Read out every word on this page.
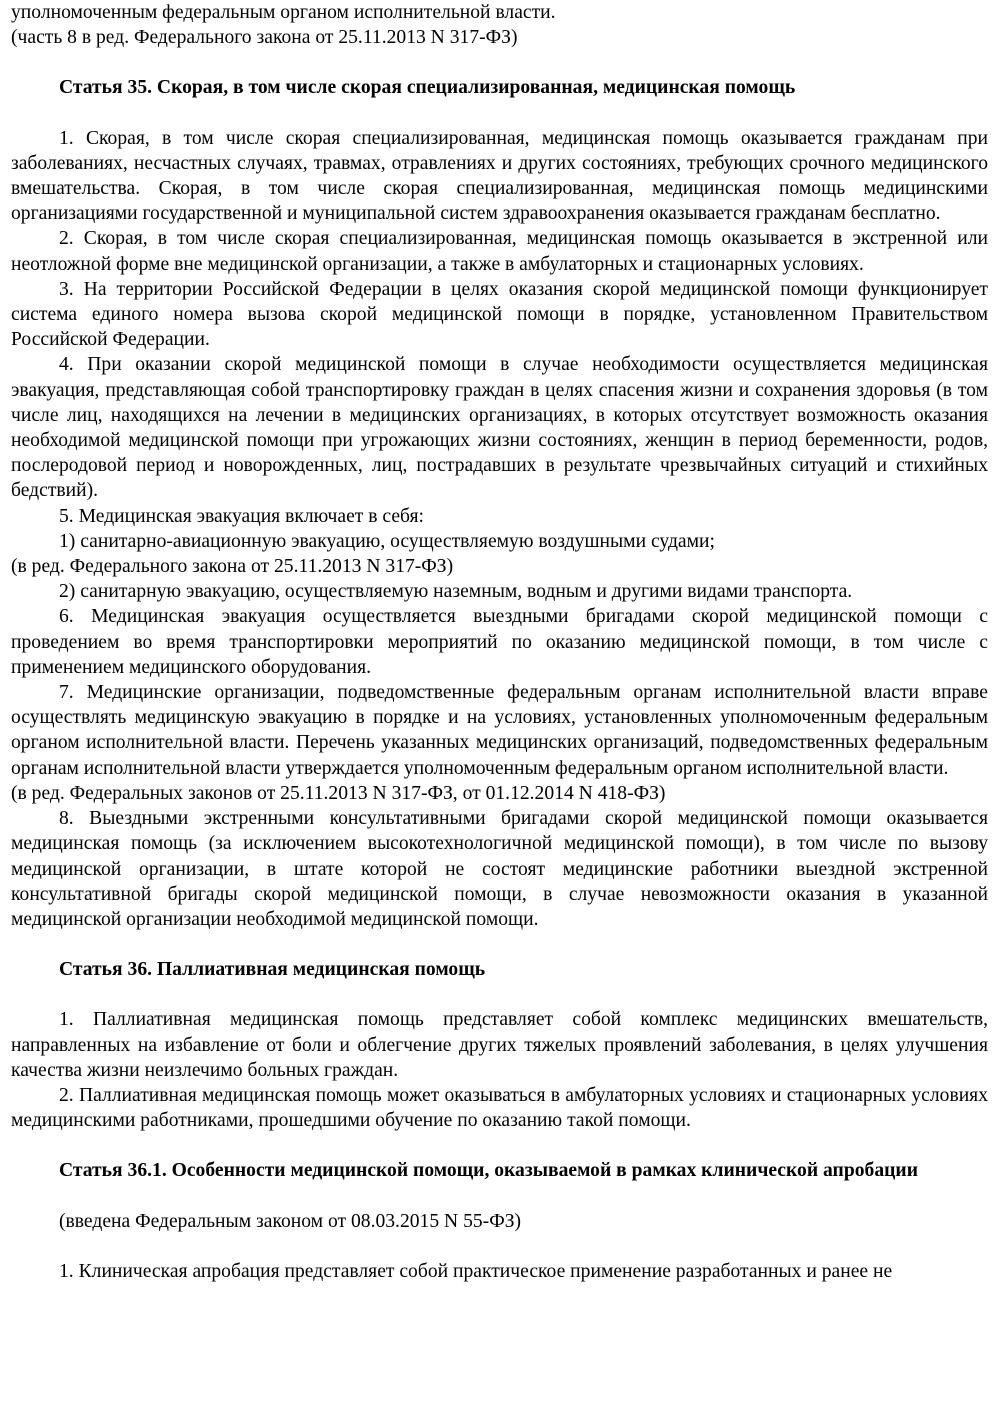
уполномоченным федеральным органом исполнительной власти.

(часть 8 в ред. Федерального закона от 25.11.2013 N 317-ФЗ)

Статья 35. Скорая, в том числе скорая специализированная, медицинская помощь

1. Скорая, в том числе скорая специализированная, медицинская помощь оказывается гражданам при заболеваниях, несчастных случаях, травмах, отравлениях и других состояниях, требующих срочного медицинского вмешательства. Скорая, в том числе скорая специализированная, медицинская помощь медицинскими организациями государственной и муниципальной систем здравоохранения оказывается гражданам бесплатно.

2. Скорая, в том числе скорая специализированная, медицинская помощь оказывается в экстренной или неотложной форме вне медицинской организации, а также в амбулаторных и стационарных условиях.

3. На территории Российской Федерации в целях оказания скорой медицинской помощи функционирует система единого номера вызова скорой медицинской помощи в порядке, установленном Правительством Российской Федерации.

4. При оказании скорой медицинской помощи в случае необходимости осуществляется медицинская эвакуация, представляющая собой транспортировку граждан в целях спасения жизни и сохранения здоровья (в том числе лиц, находящихся на лечении в медицинских организациях, в которых отсутствует возможность оказания необходимой медицинской помощи при угрожающих жизни состояниях, женщин в период беременности, родов, послеродовой период и новорожденных, лиц, пострадавших в результате чрезвычайных ситуаций и стихийных бедствий).

5. Медицинская эвакуация включает в себя:

1) санитарно-авиационную эвакуацию, осуществляемую воздушными судами;

(в ред. Федерального закона от 25.11.2013 N 317-ФЗ)

2) санитарную эвакуацию, осуществляемую наземным, водным и другими видами транспорта.

6. Медицинская эвакуация осуществляется выездными бригадами скорой медицинской помощи с проведением во время транспортировки мероприятий по оказанию медицинской помощи, в том числе с применением медицинского оборудования.

7. Медицинские организации, подведомственные федеральным органам исполнительной власти вправе осуществлять медицинскую эвакуацию в порядке и на условиях, установленных уполномоченным федеральным органом исполнительной власти. Перечень указанных медицинских организаций, подведомственных федеральным органам исполнительной власти утверждается уполномоченным федеральным органом исполнительной власти.

(в ред. Федеральных законов от 25.11.2013 N 317-ФЗ, от 01.12.2014 N 418-ФЗ)

8. Выездными экстренными консультативными бригадами скорой медицинской помощи оказывается медицинская помощь (за исключением высокотехнологичной медицинской помощи), в том числе по вызову медицинской организации, в штате которой не состоят медицинские работники выездной экстренной консультативной бригады скорой медицинской помощи, в случае невозможности оказания в указанной медицинской организации необходимой медицинской помощи.

Статья 36. Паллиативная медицинская помощь

1. Паллиативная медицинская помощь представляет собой комплекс медицинских вмешательств, направленных на избавление от боли и облегчение других тяжелых проявлений заболевания, в целях улучшения качества жизни неизлечимо больных граждан.

2. Паллиативная медицинская помощь может оказываться в амбулаторных условиях и стационарных условиях медицинскими работниками, прошедшими обучение по оказанию такой помощи.

Статья 36.1. Особенности медицинской помощи, оказываемой в рамках клинической апробации

(введена Федеральным законом от 08.03.2015 N 55-ФЗ)

1. Клиническая апробация представляет собой практическое применение разработанных и ранее не
